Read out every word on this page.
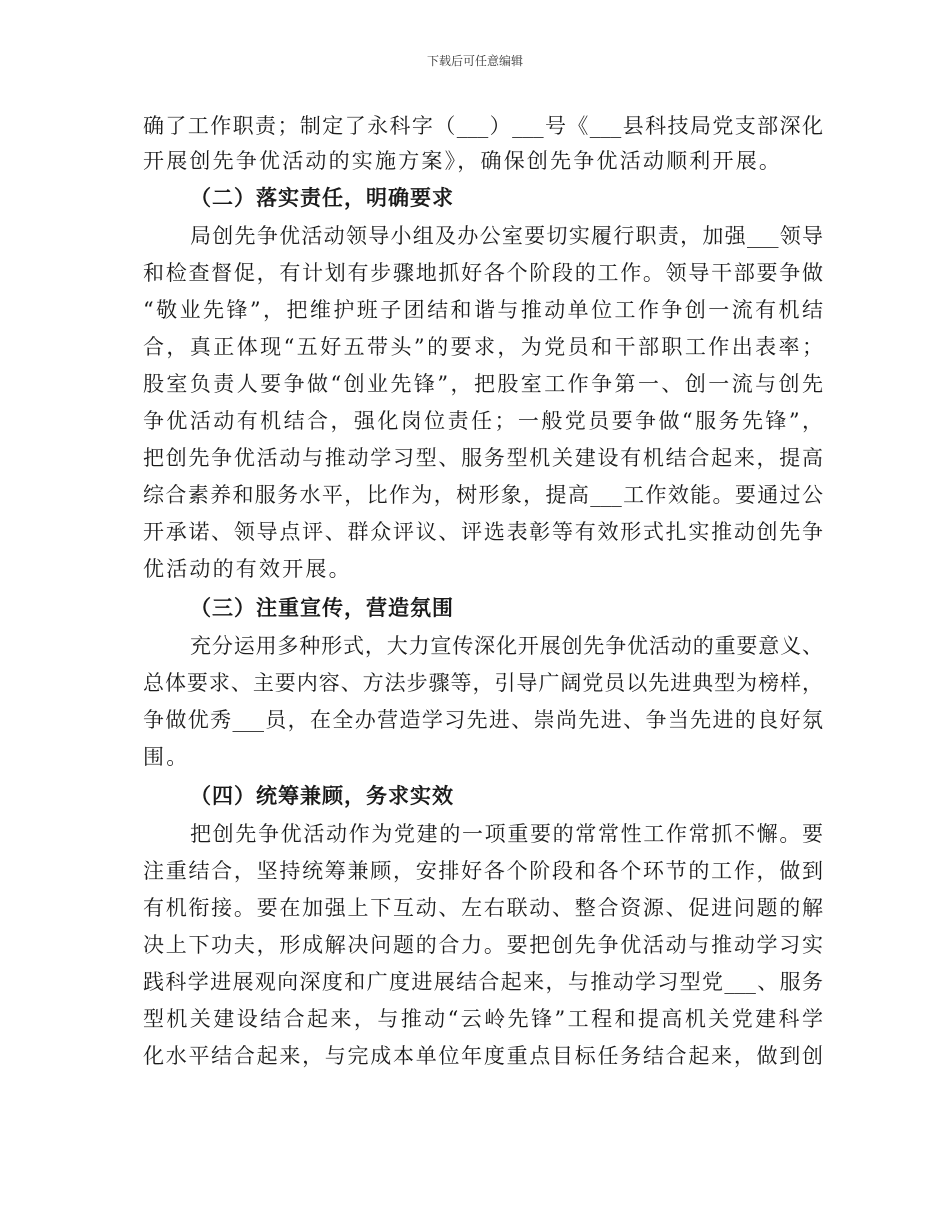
下载后可任意编辑
确了工作职责；制定了永科字（___）___号《___县科技局党支部深化
开展创先争优活动的实施方案》，确保创先争优活动顺利开展。
（二）落实责任，明确要求
局创先争优活动领导小组及办公室要切实履行职责，加强___领导
和检查督促，有计划有步骤地抓好各个阶段的工作。领导干部要争做
“敬业先锋”，把维护班子团结和谐与推动单位工作争创一流有机结
合，真正体现“五好五带头”的要求，为党员和干部职工作出表率；
股室负责人要争做“创业先锋”，把股室工作争第一、创一流与创先
争优活动有机结合，强化岗位责任；一般党员要争做“服务先锋”，
把创先争优活动与推动学习型、服务型机关建设有机结合起来，提高
综合素养和服务水平，比作为，树形象，提高___工作效能。要通过公
开承诺、领导点评、群众评议、评选表彰等有效形式扎实推动创先争
优活动的有效开展。
（三）注重宣传，营造氛围
充分运用多种形式，大力宣传深化开展创先争优活动的重要意义、
总体要求、主要内容、方法步骤等，引导广阔党员以先进典型为榜样，
争做优秀___员，在全办营造学习先进、崇尚先进、争当先进的良好氛
围。
（四）统筹兼顾，务求实效
把创先争优活动作为党建的一项重要的常常性工作常抓不懈。要
注重结合，坚持统筹兼顾，安排好各个阶段和各个环节的工作，做到
有机衔接。要在加强上下互动、左右联动、整合资源、促进问题的解
决上下功夫，形成解决问题的合力。要把创先争优活动与推动学习实
践科学进展观向深度和广度进展结合起来，与推动学习型党___、服务
型机关建设结合起来，与推动“云岭先锋”工程和提高机关党建科学
化水平结合起来，与完成本单位年度重点目标任务结合起来，做到创
